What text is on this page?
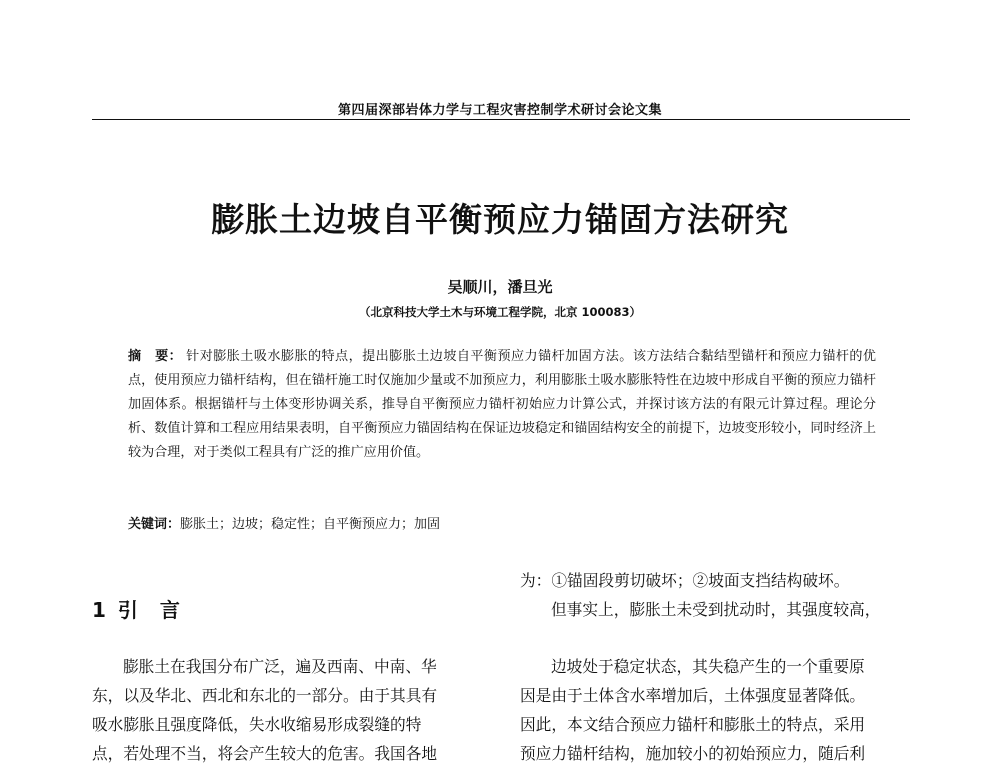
第四届深部岩体力学与工程灾害控制学术研讨会论文集
膨胀土边坡自平衡预应力锚固方法研究
吴顺川，潘旦光
（北京科技大学土木与环境工程学院，北京 100083）
摘　要： 针对膨胀土吸水膨胀的特点，提出膨胀土边坡自平衡预应力锚杆加固方法。该方法结合黏结型锚杆和预应力锚杆的优点，使用预应力锚杆结构，但在锚杆施工时仅施加少量或不加预应力，利用膨胀土吸水膨胀特性在边坡中形成自平衡的预应力锚杆加固体系。根据锚杆与土体变形协调关系，推导自平衡预应力锚杆初始应力计算公式，并探讨该方法的有限元计算过程。理论分析、数值计算和工程应用结果表明，自平衡预应力锚固结构在保证边坡稳定和锚固结构安全的前提下，边坡变形较小，同时经济上较为合理，对于类似工程具有广泛的推广应用价值。
关键词：膨胀土；边坡；稳定性；自平衡预应力；加固
1 引言
膨胀土在我国分布广泛，遍及西南、中南、华
东，以及华北、西北和东北的一部分。由于其具有
吸水膨胀且强度降低，失水收缩易形成裂缝的特
点，若处理不当，将会产生较大的危害。我国各地
为：①锚固段剪切破坏；②坡面支挡结构破坏。
但事实上，膨胀土未受到扰动时，其强度较高，
边坡处于稳定状态，其失稳产生的一个重要原
因是由于土体含水率增加后，土体强度显著降低。
因此，本文结合预应力锚杆和膨胀土的特点，采用
预应力锚杆结构，施加较小的初始预应力，随后利
